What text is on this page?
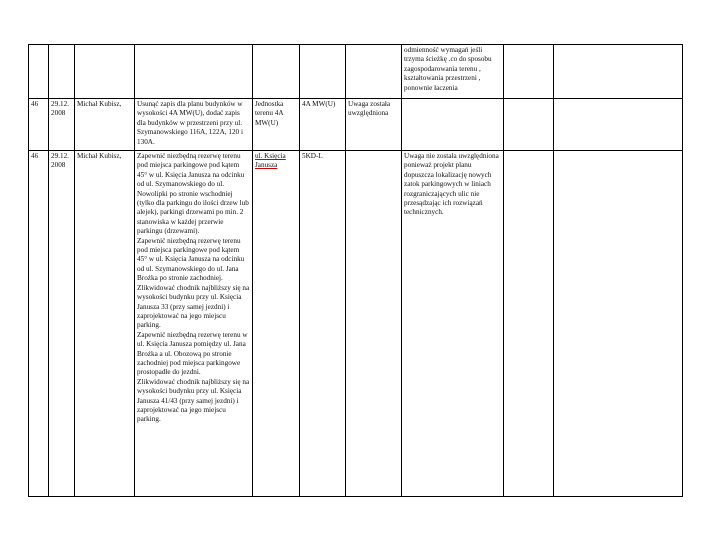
							odmienność wymagań jeśli trzyma ścieżkę .co do sposobu zagospodarowania terenu , kształtowania przestrzeni , ponownie łaczenia		
46	29.12. 2008	Michał Kubisz,	Usunąć zapis dla planu budynków w wysokości 4A MW(U), dodać zapis dla budynków w przestrzeni przy ul. Szymanowskiego 116A, 122A, 120 i 130A.	Jednostka terenu 4A MW(U)	4A MW(U)	Uwaga została uwzględniona			
46	29.12. 2008	Michał Kubisz,	Zapewnić niezbędną rezerwę terenu pod miejsca parkingowe pod kątem 45° w ul. Księcia Janusza na odcinku od ul. Szymanowskiego do ul. Nowolipki po stronie wschodniej (tylko dla parkingu do ilości drzew lub alejek), parkingi drzewami po min. 2 stanowiska w każdej przerwie parkingu (drzewami).
Zapewnić niezbędną rezerwę terenu pod miejsca parkingowe pod kątem 45° w ul. Księcia Janusza na odcinku od ul. Szymanowskiego do ul. Jana Brożka po stronie zachodniej.
Zlikwidować chodnik najbliższy się na wysokości budynku przy ul. Księcia Janusza 33 (przy samej jezdni) i zaprojektować na jego miejscu parking.
Zapewnić niezbędną rezerwę terenu w ul. Księcia Janusza pomiędzy ul. Jana Brożka a ul. Obozową po stronie zachodniej pod miejsca parkingowe prostopadłe do jezdni.
Zlikwidować chodnik najbliższy się na wysokości budynku przy ul. Księcia Janusza 41/43 (przy samej jezdni) i zaprojektować na jego miejscu parking.	ul. Księcia Janusza	5KD-L		Uwaga nie została uwzględniona ponieważ projekt planu dopuszcza lokalizację nowych zatok parkingowych w liniach rozgraniczających ulic nie przesądzając ich rozwiązań technicznych.		
